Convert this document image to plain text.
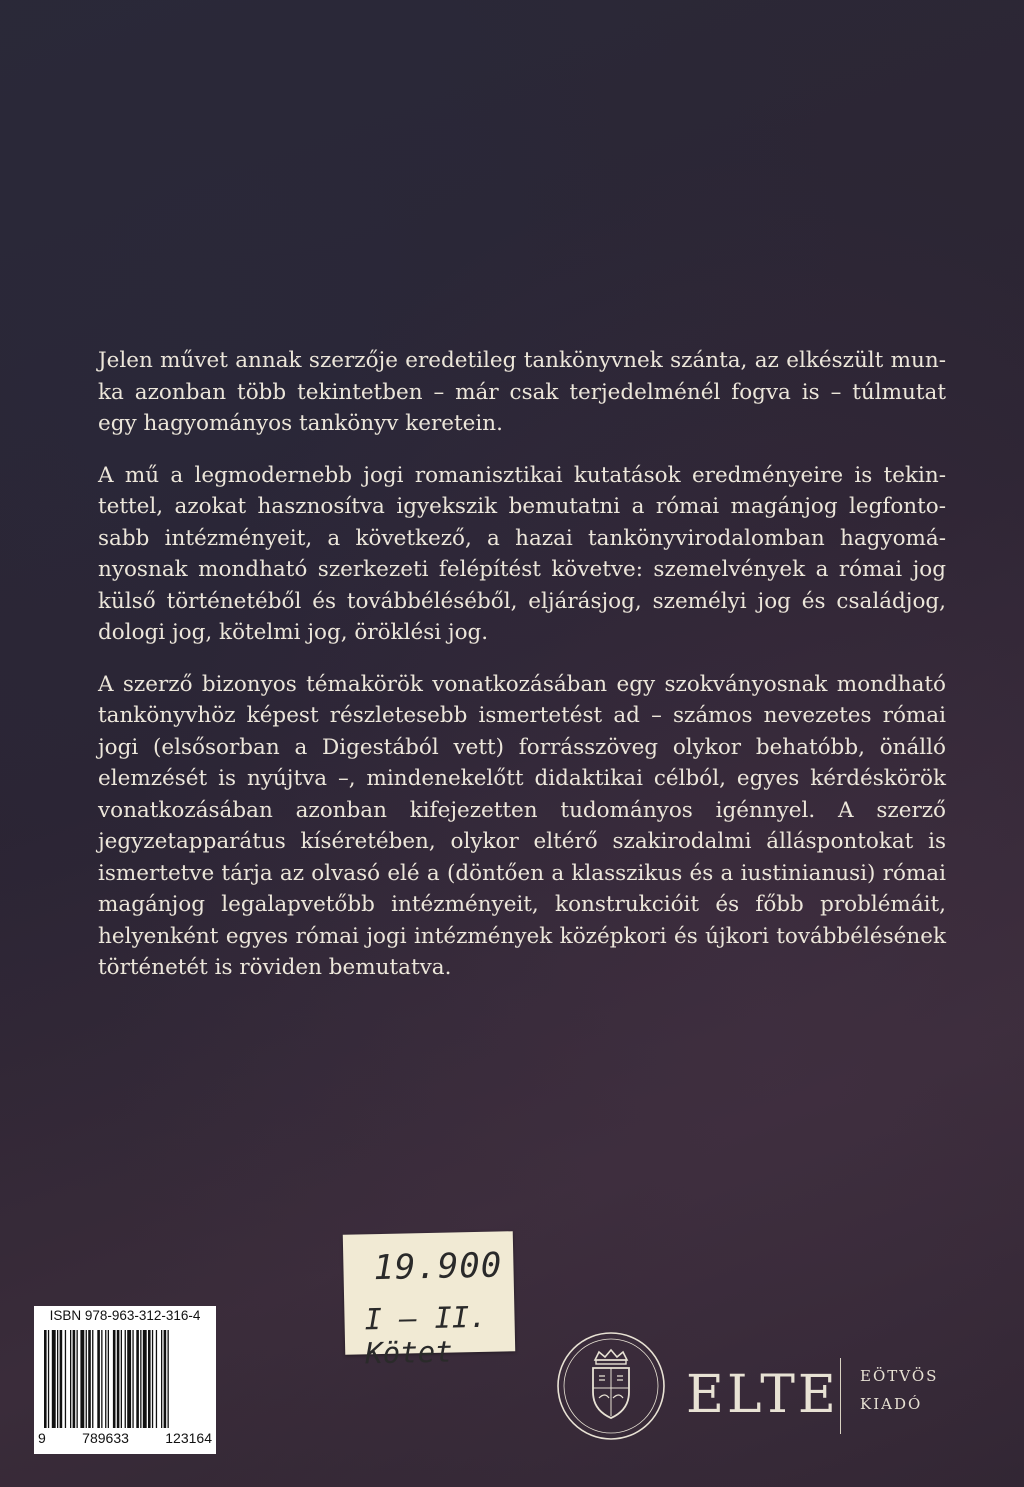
Jelen művet annak szerzője eredetileg tankönyvnek szánta, az elkészült munka azonban több tekintetben – már csak terjedelménél fogva is – túlmutat egy hagyományos tankönyv keretein.

A mű a legmodernebb jogi romanisztikai kutatások eredményeire is tekintettel, azokat hasznosítva igyekszik bemutatni a római magánjog legfontosabb intézményeit, a következő, a hazai tankönyvirodalomban hagyományosnak mondható szerkezeti felépítést követve: szemelvények a római jog külső történetéből és továbbéléséből, eljárásjog, személyi jog és családjog, dologi jog, kötelmi jog, öröklési jog.

A szerző bizonyos témakörök vonatkozásában egy szokványosnak mondható tankönyvhöz képest részletesebb ismertetést ad – számos nevezetes római jogi (elsősorban a Digestából vett) forrásszöveg olykor behatóbb, önálló elemzését is nyújtva –, mindenekelőtt didaktikai célból, egyes kérdéskörök vonatkozásában azonban kifejezetten tudományos igénnyel. A szerző jegyzetapparátus kíséretében, olykor eltérő szakirodalmi álláspontokat is ismertetve tárja az olvasó elé a (döntően a klasszikus és a iustinianusi) római magánjog legalapvetőbb intézményeit, konstrukcióit és főbb problémáit, helyenként egyes római jogi intézmények középkori és újkori továbbélésének történetét is röviden bemutatva.

19.900
I – II. Kötet
ISBN 978-963-312-316-4
9	789633	123164
ELTE EÖTVÖS
KIADÓ
